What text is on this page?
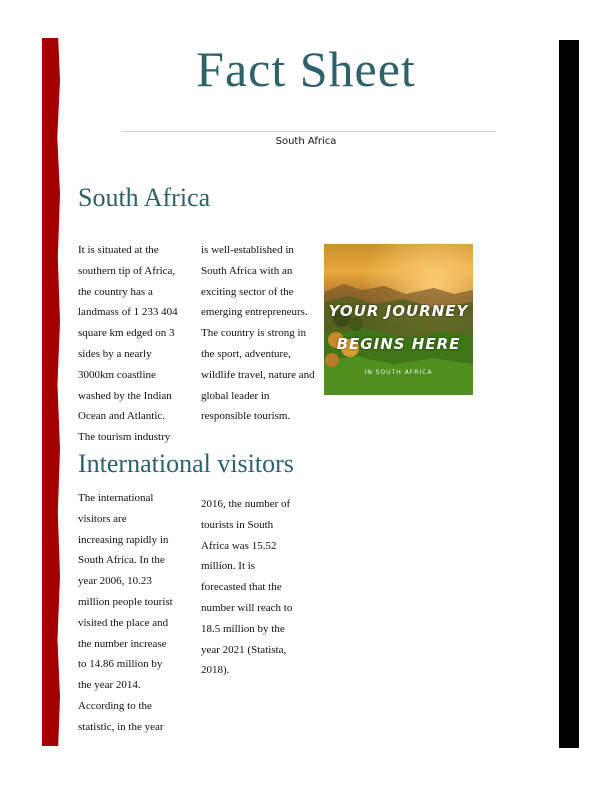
Fact Sheet
South Africa
South Africa
It is situated at the
southern tip of Africa,
the country has a
landmass of 1 233 404
square km edged on 3
sides by a nearly
3000km coastline
washed by the Indian
Ocean and Atlantic.
The tourism industry
is well-established in
South Africa with an
exciting sector of the
emerging entrepreneurs.
The country is strong in
the sport, adventure,
wildlife travel, nature and
global leader in
responsible tourism.
YOUR JOURNEY
BEGINS HERE
IN SOUTH AFRICA
International visitors
The international
visitors are
increasing rapidly in
South Africa. In the
year 2006, 10.23
million people tourist
visited the place and
the number increase
to 14.86 million by
the year 2014.
According to the
statistic, in the year
2016, the number of
tourists in South
Africa was 15.52
million. It is
forecasted that the
number will reach to
18.5 million by the
year 2021 (Statista,
2018).
